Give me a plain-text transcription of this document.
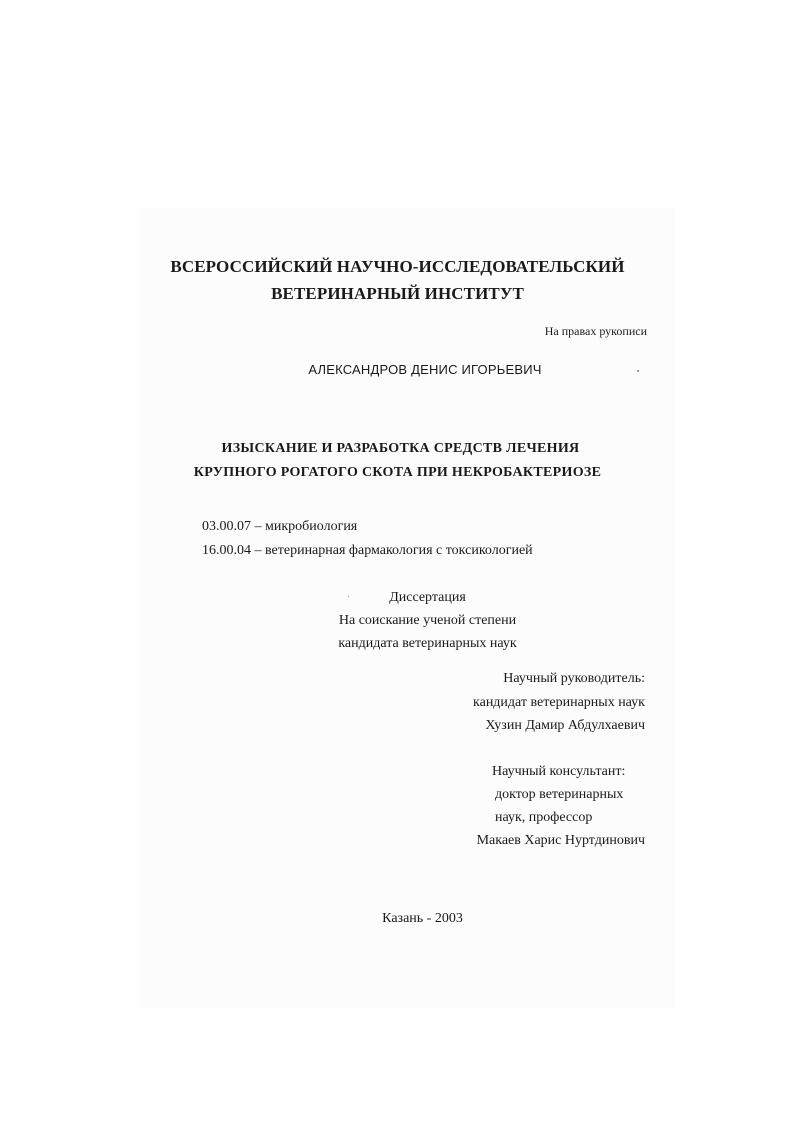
ВСЕРОССИЙСКИЙ НАУЧНО-ИССЛЕДОВАТЕЛЬСКИЙ

ВЕТЕРИНАРНЫЙ ИНСТИТУТ

На правах рукописи

АЛЕКСАНДРОВ ДЕНИС ИГОРЬЕВИЧ

ИЗЫСКАНИЕ И РАЗРАБОТКА СРЕДСТВ ЛЕЧЕНИЯ

КРУПНОГО РОГАТОГО СКОТА ПРИ НЕКРОБАКТЕРИОЗЕ

03.00.07 – микробиология

16.00.04 – ветеринарная фармакология с токсикологией

Диссертация

На соискание ученой степени

кандидата ветеринарных наук

Научный руководитель:

кандидат ветеринарных наук

Хузин Дамир Абдулхаевич

Научный консультант:

доктор ветеринарных

наук, профессор

Макаев Харис Нуртдинович

Казань - 2003
